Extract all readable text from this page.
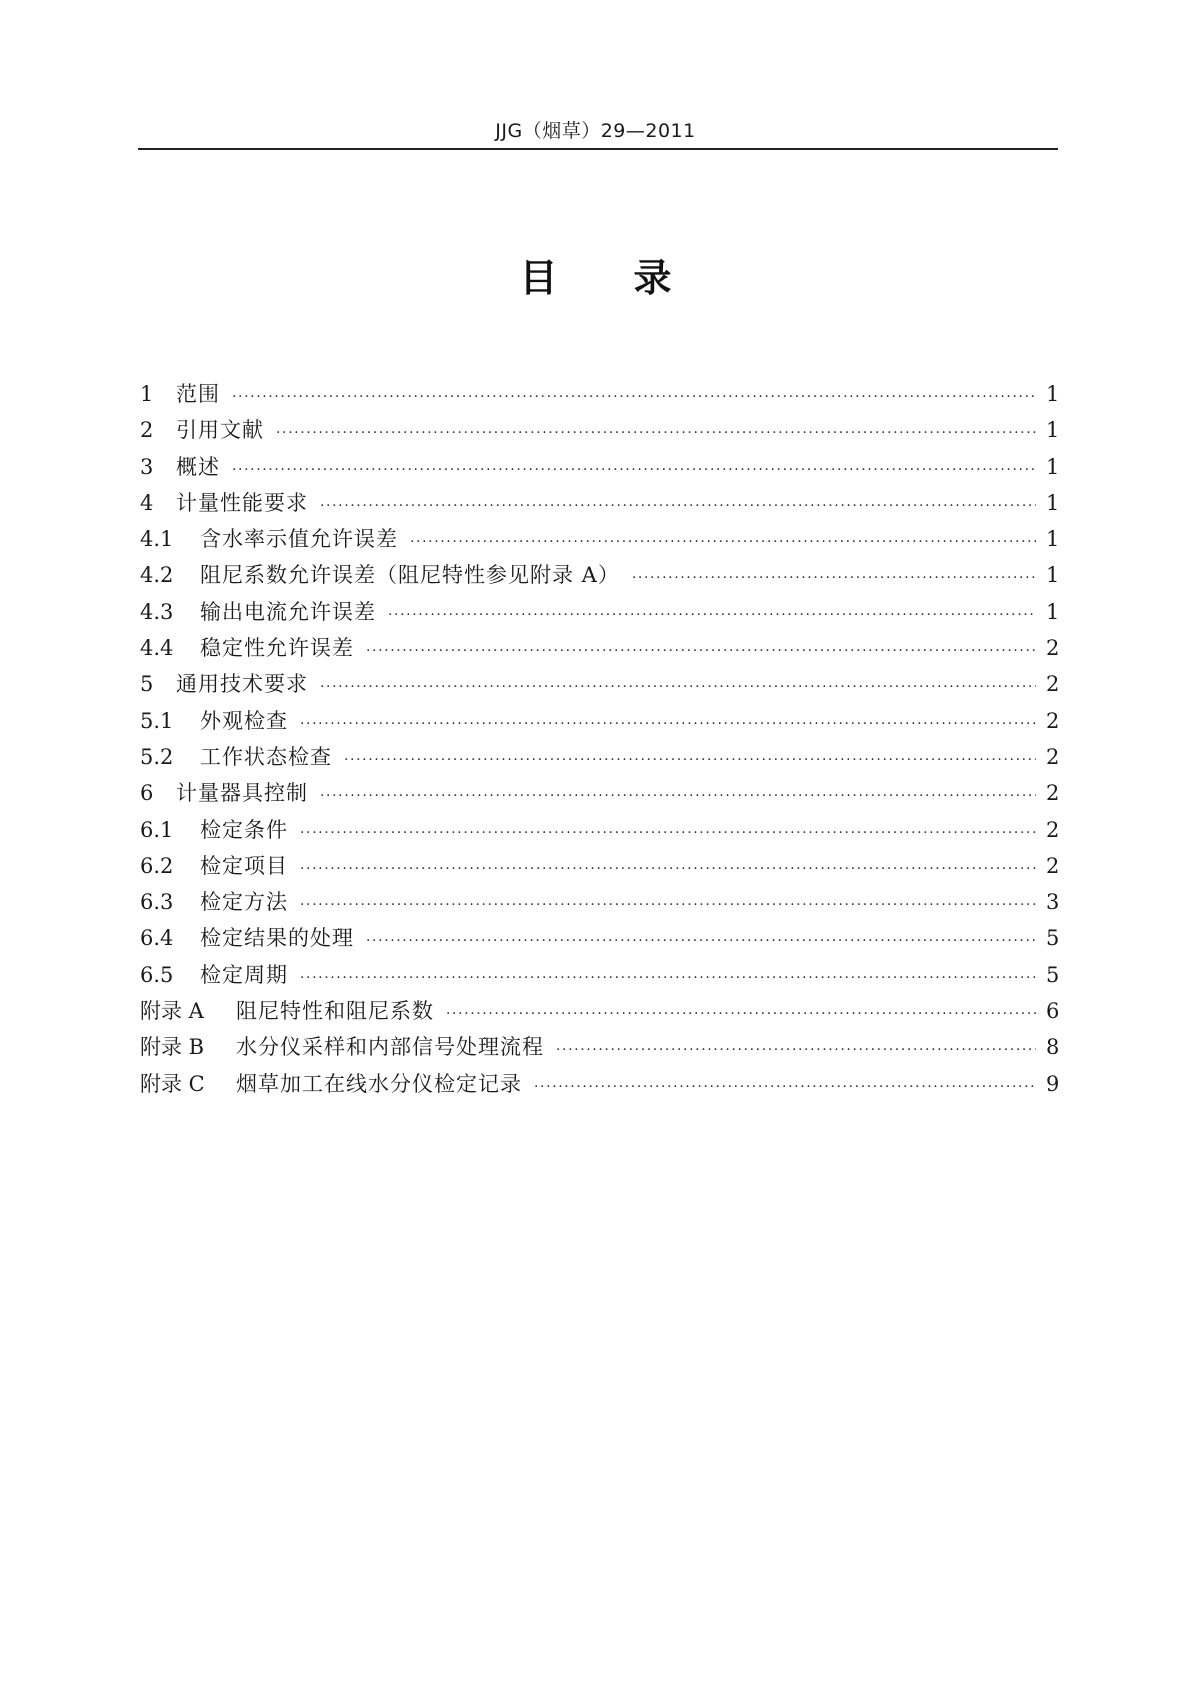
JJG（烟草）29—2011
目录
1	范围 ·····	1
2	引用文献 ·····	1
3	概述 ·····	1
4	计量性能要求 ·····	1
4.1	含水率示值允许误差 ·····	1
4.2	阻尼系数允许误差（阻尼特性参见附录 A） ·····	1
4.3	输出电流允许误差 ·····	1
4.4	稳定性允许误差 ·····	2
5	通用技术要求 ·····	2
5.1	外观检查 ·····	2
5.2	工作状态检查 ·····	2
6	计量器具控制 ·····	2
6.1	检定条件 ·····	2
6.2	检定项目 ·····	2
6.3	检定方法 ·····	3
6.4	检定结果的处理 ·····	5
6.5	检定周期 ·····	5
附录 A	阻尼特性和阻尼系数 ·····	6
附录 B	水分仪采样和内部信号处理流程 ·····	8
附录 C	烟草加工在线水分仪检定记录 ·····	9
